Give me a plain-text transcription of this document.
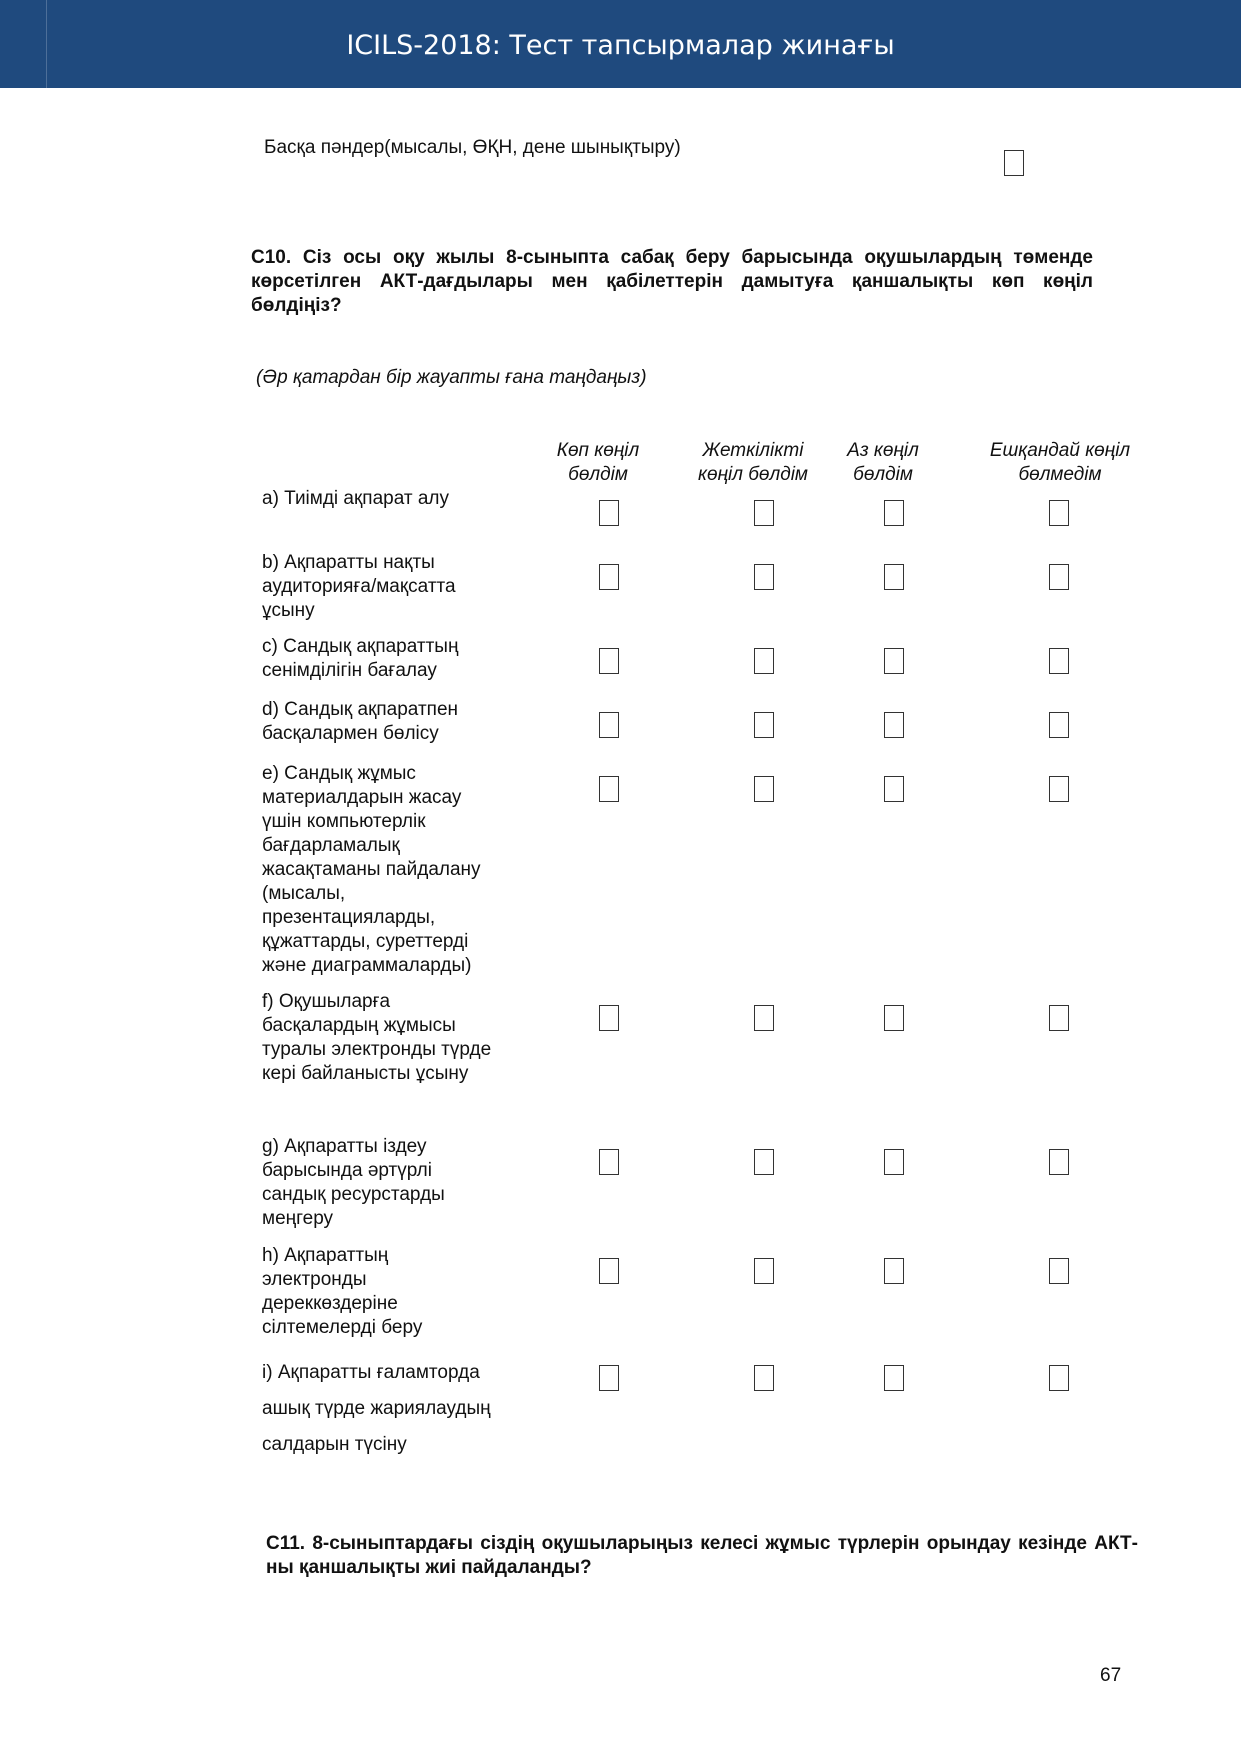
ICILS-2018: Тест тапсырмалар жинағы
Басқа пәндер(мысалы, ӨҚН, дене шынықтыру)
С10. Сіз осы оқу жылы 8-сыныпта сабақ беру барысында оқушылардың төменде көрсетілген АКТ-дағдылары мен қабілеттерін дамытуға қаншалықты көп көңіл бөлдіңіз?
(Әр қатардан бір жауапты ғана таңдаңыз)
Көп көңіл
бөлдім
Жеткілікті
көңіл бөлдім
Аз көңіл
бөлдім
Ешқандай көңіл
бөлмедім
a) Тиімді ақпарат алу
b) Ақпаратты нақты
аудиторияға/мақсатта
ұсыну
c) Сандық ақпараттың
сенімділігін бағалау
d) Сандық ақпаратпен
басқалармен бөлісу
e) Сандық жұмыс
материалдарын жасау
үшін компьютерлік
бағдарламалық
жасақтаманы пайдалану
(мысалы,
презентацияларды,
құжаттарды, суреттерді
және диаграммаларды)
f) Оқушыларға
басқалардың жұмысы
туралы электронды түрде
кері байланысты ұсыну
g) Ақпаратты іздеу
барысында әртүрлі
сандық ресурстарды
меңгеру
h) Ақпараттың
электронды
дереккөздеріне
сілтемелерді беру
i) Ақпаратты ғаламторда
ашық түрде жариялаудың
салдарын түсіну
С11. 8-сыныптардағы сіздің оқушыларыңыз келесі жұмыс түрлерін орындау кезінде АКТ-ны қаншалықты жиі пайдаланды?
67
